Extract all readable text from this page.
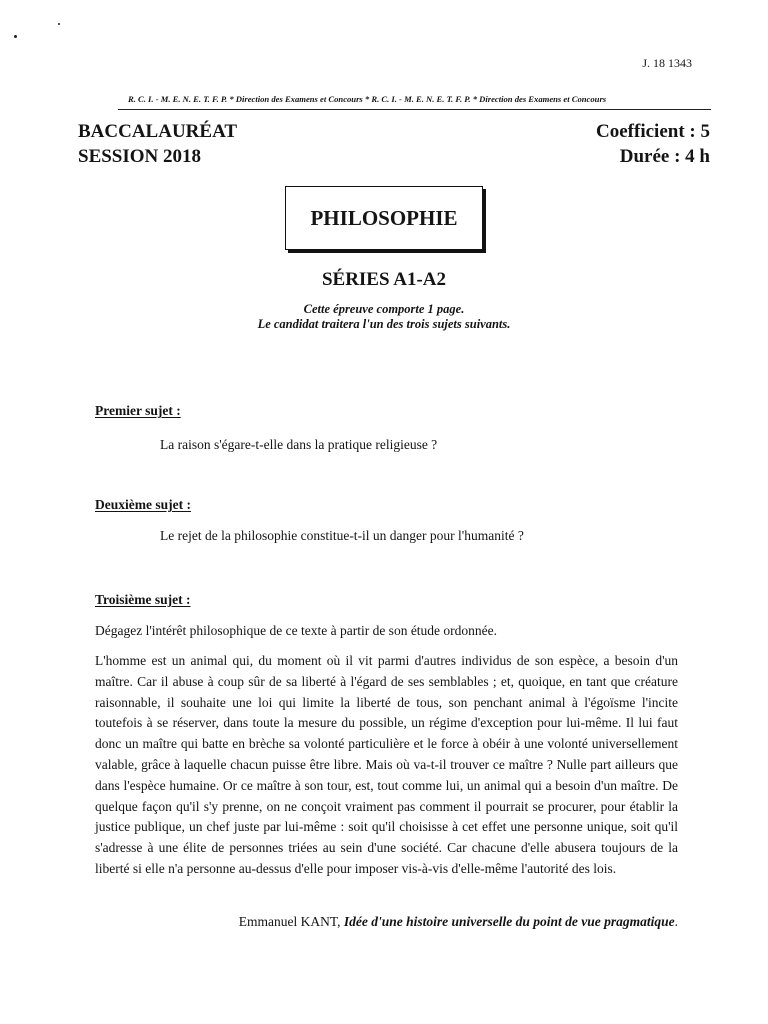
J. 18 1343
R. C. I. - M. E. N. E. T. F. P. * Direction des Examens et Concours * R. C. I. - M. E. N. E. T. F. P. * Direction des Examens et Concours
BACCALAURÉAT
SESSION 2018
Coefficient : 5
Durée : 4 h
PHILOSOPHIE
SÉRIES A1-A2
Cette épreuve comporte 1 page.
Le candidat traitera l'un des trois sujets suivants.
Premier sujet :
La raison s'égare-t-elle dans la pratique religieuse ?
Deuxième sujet :
Le rejet de la philosophie constitue-t-il un danger pour l'humanité ?
Troisième sujet :
Dégagez l'intérêt philosophique de ce texte à partir de son étude ordonnée.

L'homme est un animal qui, du moment où il vit parmi d'autres individus de son espèce, a besoin d'un maître. Car il abuse à coup sûr de sa liberté à l'égard de ses semblables ; et, quoique, en tant que créature raisonnable, il souhaite une loi qui limite la liberté de tous, son penchant animal à l'égoïsme l'incite toutefois à se réserver, dans toute la mesure du possible, un régime d'exception pour lui-même. Il lui faut donc un maître qui batte en brèche sa volonté particulière et le force à obéir à une volonté universellement valable, grâce à laquelle chacun puisse être libre. Mais où va-t-il trouver ce maître ? Nulle part ailleurs que dans l'espèce humaine. Or ce maître à son tour, est, tout comme lui, un animal qui a besoin d'un maître. De quelque façon qu'il s'y prenne, on ne conçoit vraiment pas comment il pourrait se procurer, pour établir la justice publique, un chef juste par lui-même : soit qu'il choisisse à cet effet une personne unique, soit qu'il s'adresse à une élite de personnes triées au sein d'une société. Car chacune d'elle abusera toujours de la liberté si elle n'a personne au-dessus d'elle pour imposer vis-à-vis d'elle-même l'autorité des lois.

Emmanuel KANT, Idée d'une histoire universelle du point de vue pragmatique.
